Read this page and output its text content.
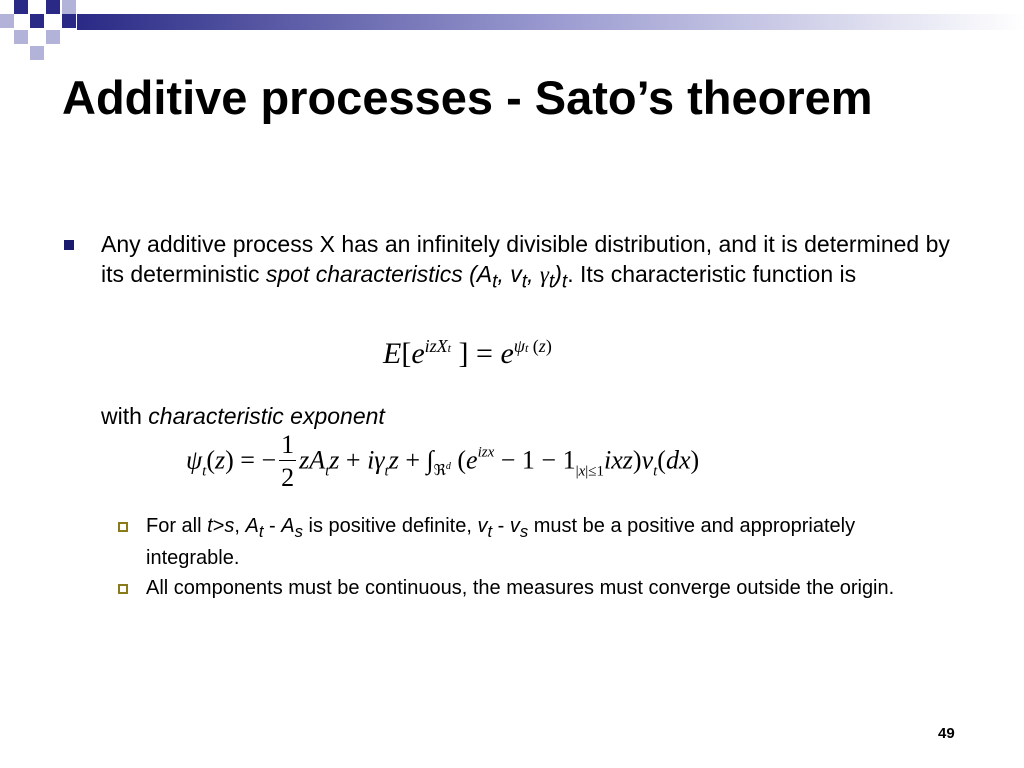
Additive processes - Sato’s theorem
Any additive process X has an infinitely divisible distribution, and it is determined by its deterministic spot characteristics ($A_t$, $v_t$, $\gamma_t)_t$. Its characteristic function is
$E[e^{izXt}$ ] = $e^{\psi t (z)}$
with characteristic exponent
$\psi_t(z)$ = − $\frac{1}{2} zA_tz + i\gamma_tz + \int_{ℜ^d}$ $(e^{izx} - 1 - 1_{|x|\le 1}ixz)v_t(dx)$
For all t>s, $A_t - A_s$ is positive definite, $v_t - v_s$ must be a positive and appropriately integrable.
All components must be continuous, the measures must converge outside the origin.
49
